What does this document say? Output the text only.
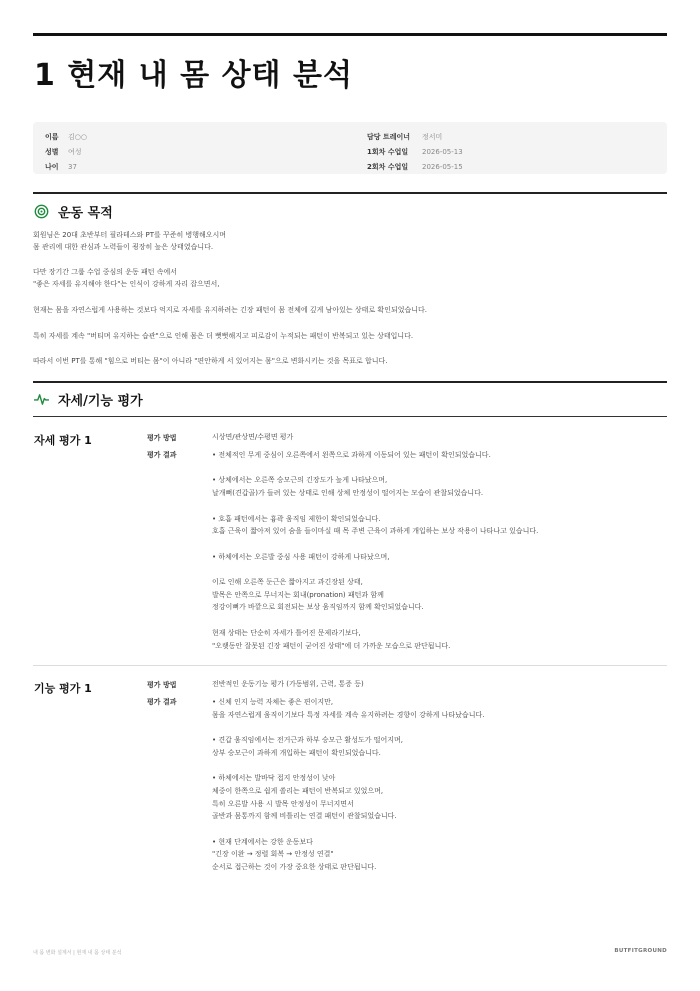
1 현재 내 몸 상태 분석
이름	김○○
성별	여성
나이	37
담당 트레이너	정서미
1회차 수업일	2026-05-13
2회차 수업일	2026-05-15
운동 목적
회원님은 20대 초반부터 필라테스와 PT를 꾸준히 병행해오시며
몸 관리에 대한 관심과 노력들이 굉장히 높은 상태였습니다.
다만 장기간 그룹 수업 중심의 운동 패턴 속에서
"좋은 자세를 유지해야 한다"는 인식이 강하게 자리 잡으면서,
현재는 몸을 자연스럽게 사용하는 것보다 억지로 자세를 유지하려는 긴장 패턴이 몸 전체에 깊게 남아있는 상태로 확인되었습니다.
특히 자세를 계속 "버티며 유지하는 습관"으로 인해 몸은 더 뻣뻣해지고 피로감이 누적되는 패턴이 반복되고 있는 상태입니다.
따라서 이번 PT를 통해 "힘으로 버티는 몸"이 아니라 "편안하게 서 있어지는 몸"으로 변화시키는 것을 목표로 합니다.
자세/기능 평가
자세 평가 1	평가 방법	시상면/관상면/수평면 평가
평가 결과	• 전체적인 무게 중심이 오른쪽에서 왼쪽으로 과하게 이동되어 있는 패턴이 확인되었습니다.

• 상체에서는 오른쪽 승모근의 긴장도가 높게 나타났으며,
날개뼈(견갑골)가 들려 있는 상태로 인해 상체 안정성이 떨어지는 모습이 관찰되었습니다.

• 호흡 패턴에서는 흉곽 움직임 제한이 확인되었습니다.
호흡 근육이 짧아져 있어 숨을 들이마실 때 목 주변 근육이 과하게 개입하는 보상 작용이 나타나고 있습니다.

• 하체에서는 오른발 중심 사용 패턴이 강하게 나타났으며,

이로 인해 오른쪽 둔근은 짧아지고 과긴장된 상태,
발목은 안쪽으로 무너지는 회내(pronation) 패턴과 함께
정강이뼈가 바깥으로 회전되는 보상 움직임까지 함께 확인되었습니다.

현재 상태는 단순히 자세가 틀어진 문제라기보다,
"오랫동안 잘못된 긴장 패턴이 굳어진 상태"에 더 가까운 모습으로 판단됩니다.
기능 평가 1	평가 방법	전반적인 운동기능 평가 (가동범위, 근력, 통증 등)
평가 결과	• 신체 인지 능력 자체는 좋은 편이지만,
몸을 자연스럽게 움직이기보다 특정 자세를 계속 유지하려는 경향이 강하게 나타났습니다.

• 견갑 움직임에서는 전거근과 하부 승모근 활성도가 떨어지며,
상부 승모근이 과하게 개입하는 패턴이 확인되었습니다.

• 하체에서는 발바닥 접지 안정성이 낮아
체중이 한쪽으로 쉽게 쏠리는 패턴이 반복되고 있었으며,
특히 오른발 사용 시 발목 안정성이 무너지면서
골반과 몸통까지 함께 비틀리는 연결 패턴이 관찰되었습니다.

• 현재 단계에서는 강한 운동보다
"긴장 이완 → 정렬 회복 → 안정성 연결"
순서로 접근하는 것이 가장 중요한 상태로 판단됩니다.
내 몸 변화 설계서 | 현재 내 몸 상태 분석	BUTFITGROUND
